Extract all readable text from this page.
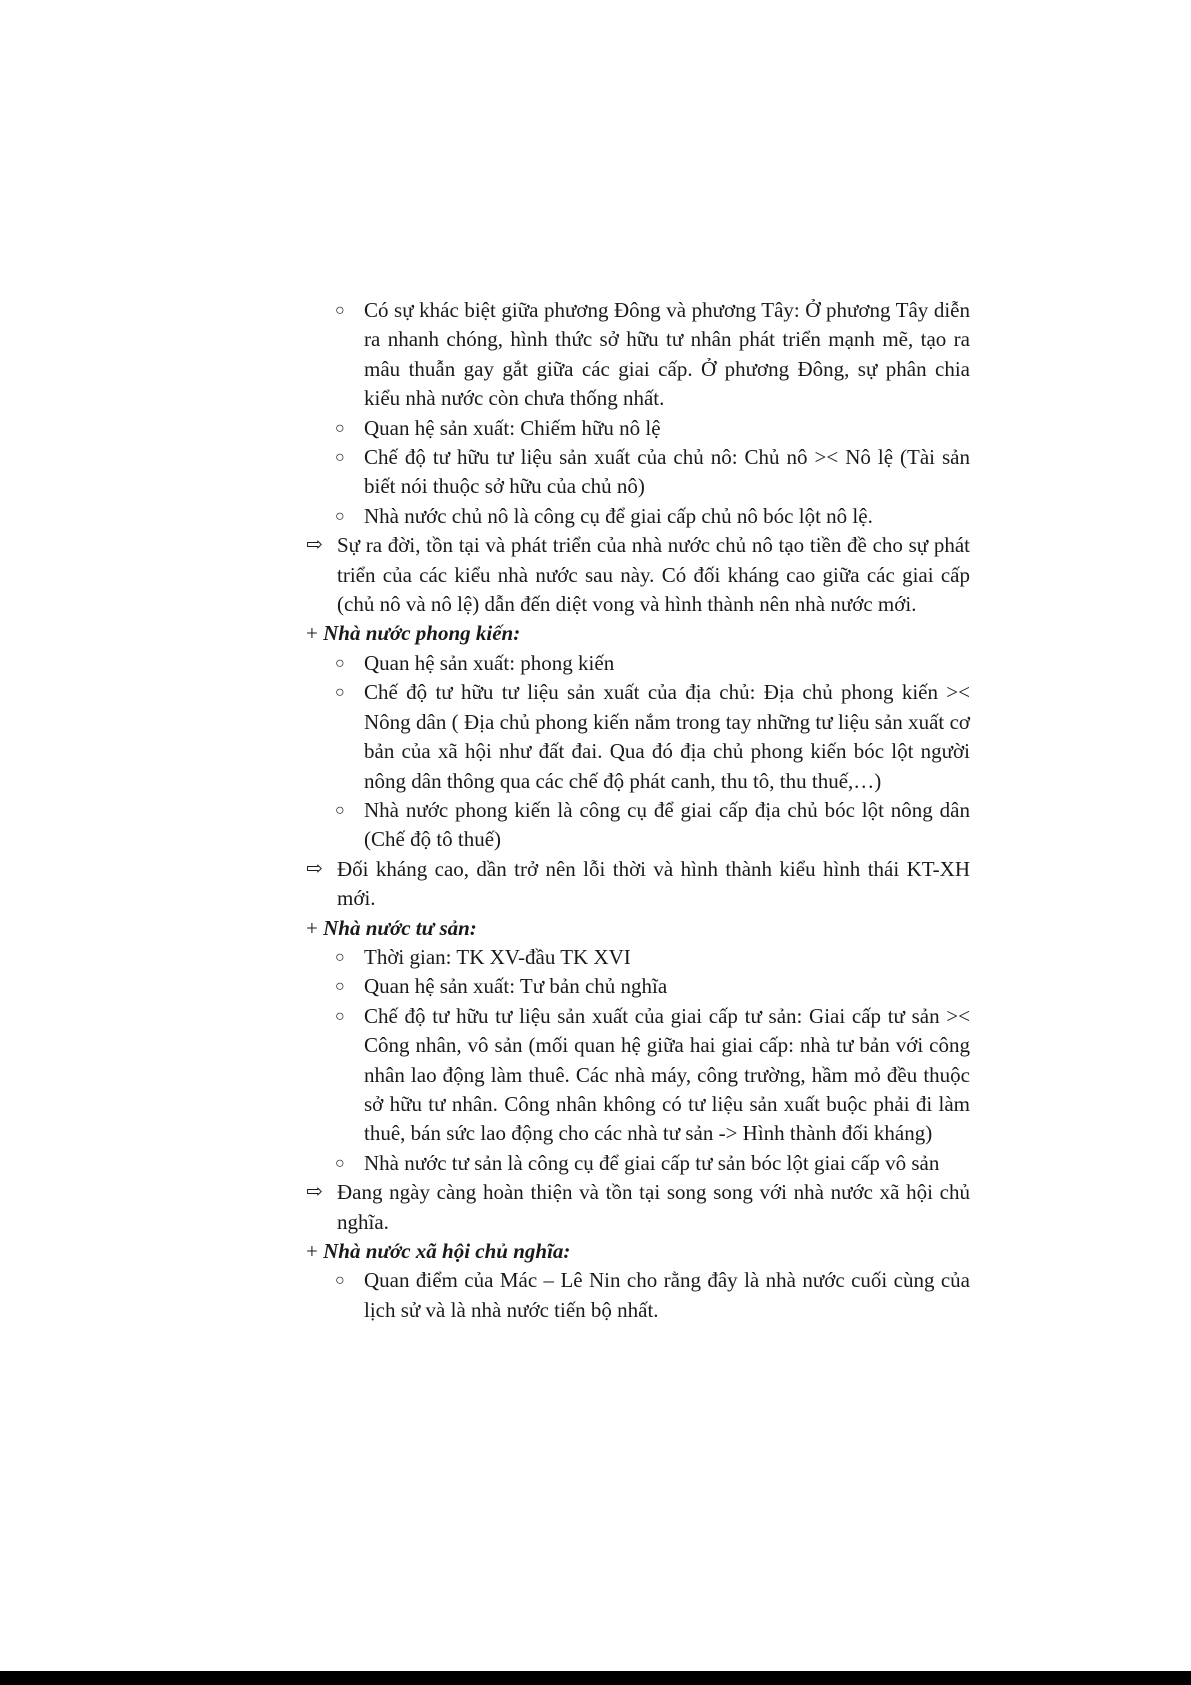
○ Có sự khác biệt giữa phương Đông và phương Tây: Ở phương Tây diễn ra nhanh chóng, hình thức sở hữu tư nhân phát triển mạnh mẽ, tạo ra mâu thuẫn gay gắt giữa các giai cấp. Ở phương Đông, sự phân chia kiểu nhà nước còn chưa thống nhất.
○ Quan hệ sản xuất: Chiếm hữu nô lệ
○ Chế độ tư hữu tư liệu sản xuất của chủ nô: Chủ nô >< Nô lệ (Tài sản biết nói thuộc sở hữu của chủ nô)
○ Nhà nước chủ nô là công cụ để giai cấp chủ nô bóc lột nô lệ.
⇨ Sự ra đời, tồn tại và phát triển của nhà nước chủ nô tạo tiền đề cho sự phát triển của các kiểu nhà nước sau này. Có đối kháng cao giữa các giai cấp (chủ nô và nô lệ) dẫn đến diệt vong và hình thành nên nhà nước mới.
+ Nhà nước phong kiến:
○ Quan hệ sản xuất: phong kiến
○ Chế độ tư hữu tư liệu sản xuất của địa chủ: Địa chủ phong kiến >< Nông dân ( Địa chủ phong kiến nắm trong tay những tư liệu sản xuất cơ bản của xã hội như đất đai. Qua đó địa chủ phong kiến bóc lột người nông dân thông qua các chế độ phát canh, thu tô, thu thuế,…)
○ Nhà nước phong kiến là công cụ để giai cấp địa chủ bóc lột nông dân (Chế độ tô thuế)
⇨ Đối kháng cao, dần trở nên lỗi thời và hình thành kiểu hình thái KT-XH mới.
+ Nhà nước tư sản:
○ Thời gian: TK XV-đầu TK XVI
○ Quan hệ sản xuất: Tư bản chủ nghĩa
○ Chế độ tư hữu tư liệu sản xuất của giai cấp tư sản: Giai cấp tư sản >< Công nhân, vô sản (mối quan hệ giữa hai giai cấp: nhà tư bản với công nhân lao động làm thuê. Các nhà máy, công trường, hầm mỏ đều thuộc sở hữu tư nhân. Công nhân không có tư liệu sản xuất buộc phải đi làm thuê, bán sức lao động cho các nhà tư sản -> Hình thành đối kháng)
○ Nhà nước tư sản là công cụ để giai cấp tư sản bóc lột giai cấp vô sản
⇨ Đang ngày càng hoàn thiện và tồn tại song song với nhà nước xã hội chủ nghĩa.
+ Nhà nước xã hội chủ nghĩa:
○ Quan điểm của Mác – Lê Nin cho rằng đây là nhà nước cuối cùng của lịch sử và là nhà nước tiến bộ nhất.
